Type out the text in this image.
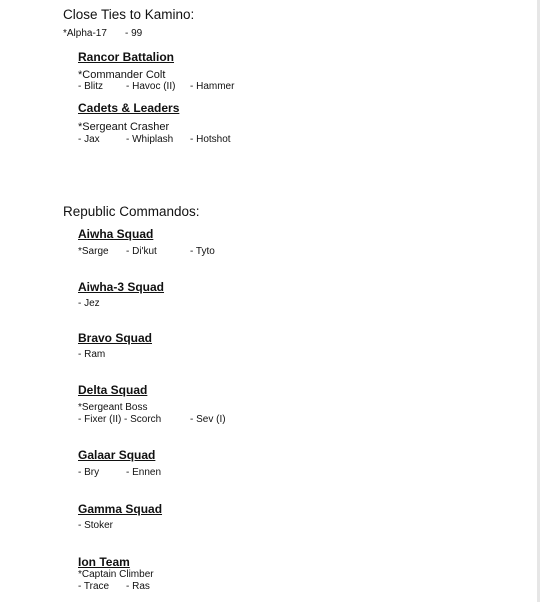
Close Ties to Kamino:
*Alpha-17 - 99
Rancor Battalion
*Commander Colt
- Blitz - Havoc (II) - Hammer
Cadets & Leaders
*Sergeant Crasher
- Jax	- Whiplash - Hotshot
Republic Commandos:
Aiwha Squad
*Sarge - Di'kut	- Tyto
Aiwha-3 Squad
- Jez
Bravo Squad
- Ram
Delta Squad
*Sergeant Boss
- Fixer (II) - Scorch	- Sev (I)
Galaar Squad
- Bry	- Ennen
Gamma Squad
- Stoker
Ion Team
*Captain Climber
- Trace - Ras
